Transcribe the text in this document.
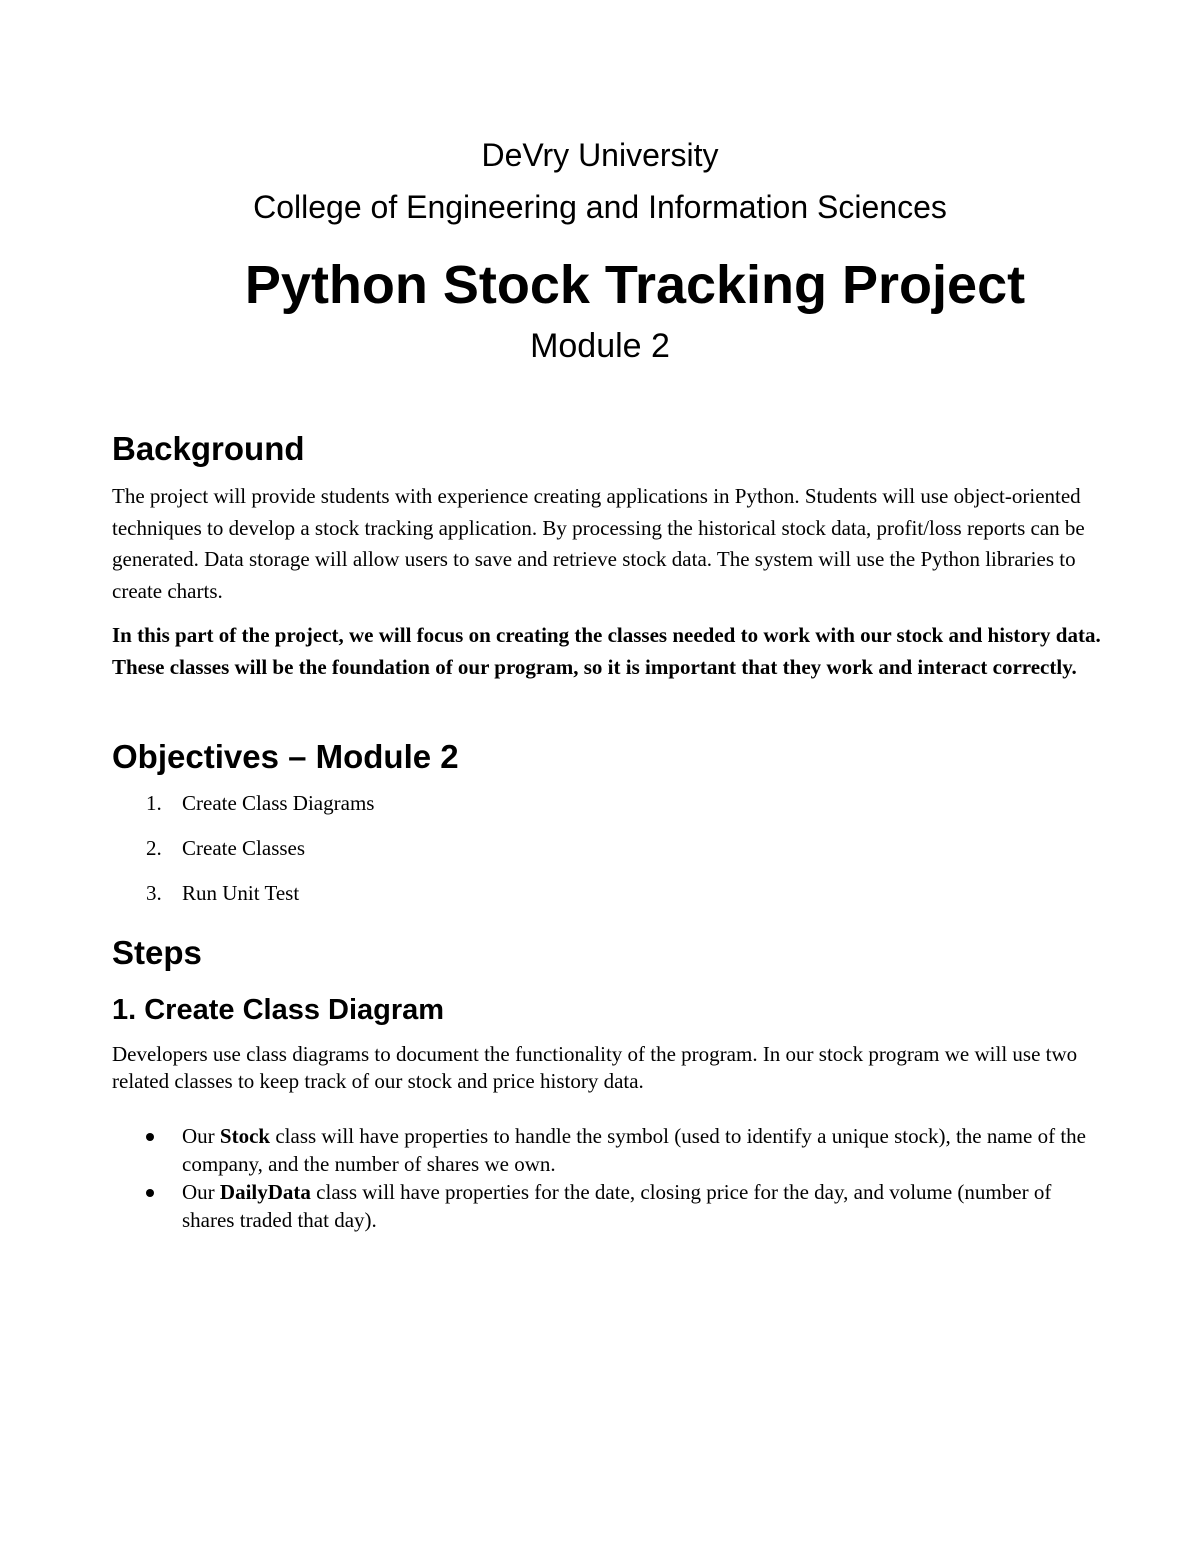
DeVry University
College of Engineering and Information Sciences
Python Stock Tracking Project
Module 2
Background

The project will provide students with experience creating applications in Python. Students will use object-oriented techniques to develop a stock tracking application. By processing the historical stock data, profit/loss reports can be generated. Data storage will allow users to save and retrieve stock data. The system will use the Python libraries to create charts.

In this part of the project, we will focus on creating the classes needed to work with our stock and history data. These classes will be the foundation of our program, so it is important that they work and interact correctly.

Objectives – Module 2
1. Create Class Diagrams
2. Create Classes
3. Run Unit Test
Steps
1. Create Class Diagram

Developers use class diagrams to document the functionality of the program. In our stock program we will use two related classes to keep track of our stock and price history data.

Our Stock class will have properties to handle the symbol (used to identify a unique stock), the name of the company, and the number of shares we own.
Our DailyData class will have properties for the date, closing price for the day, and volume (number of shares traded that day).
